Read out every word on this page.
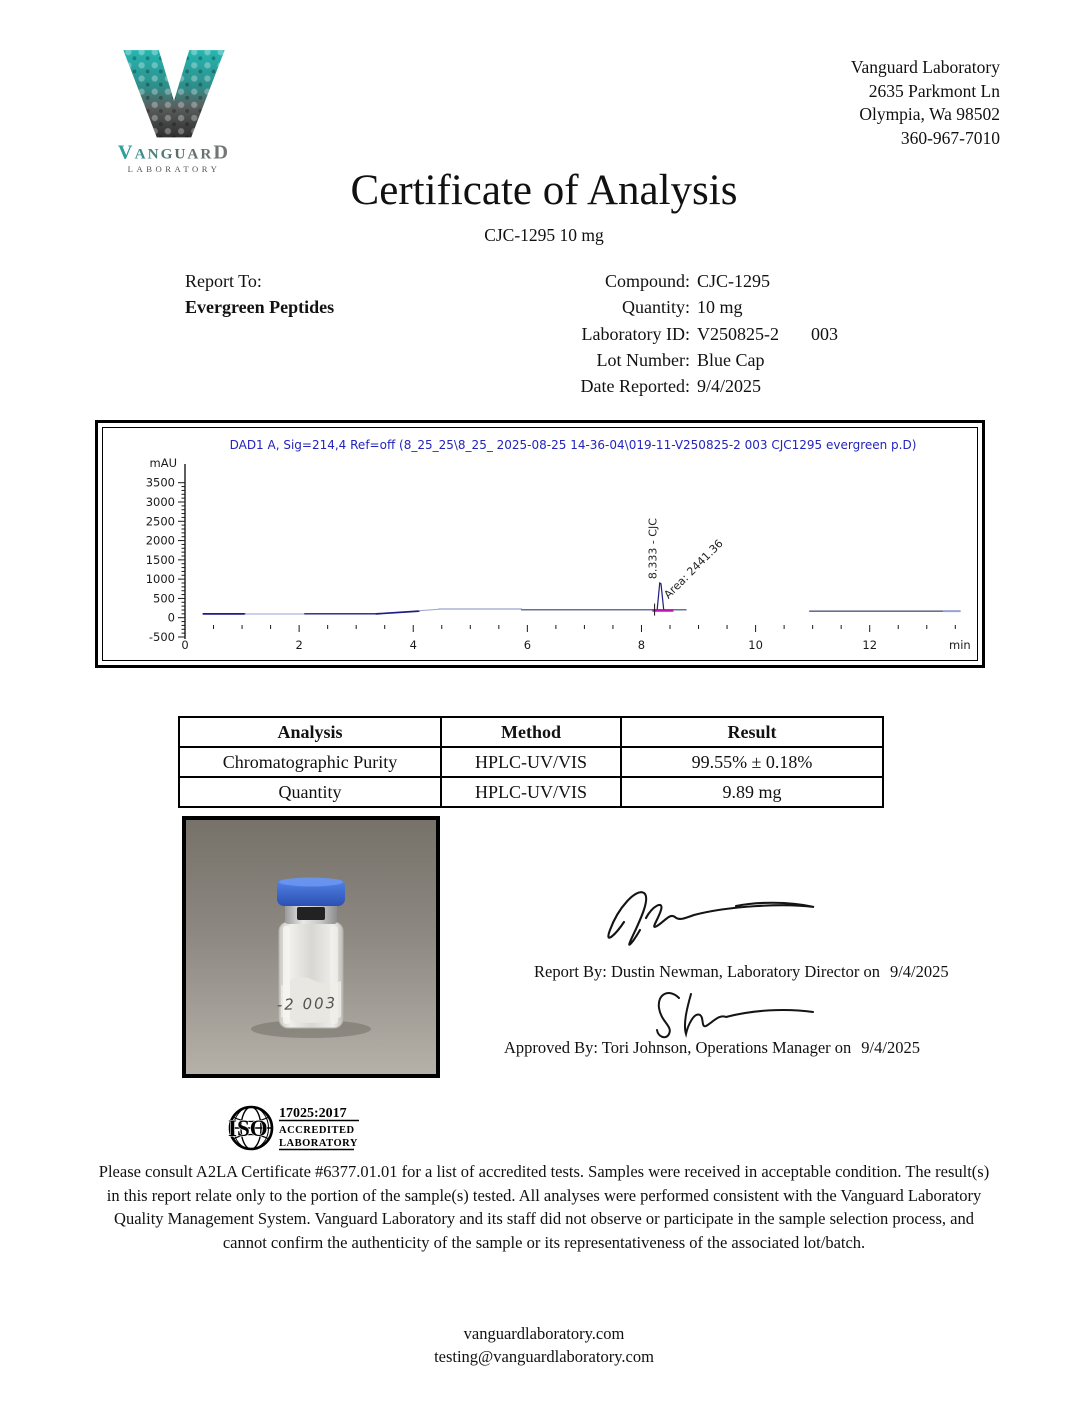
VANGUARD
LABORATORY
Vanguard Laboratory
2635 Parkmont Ln
Olympia, Wa 98502
360-967-7010
Certificate of Analysis
CJC-1295 10 mg
Report To:
Evergreen Peptides
Compound: CJC-1295
Quantity: 10 mg
Laboratory ID: V250825-2 003
Lot Number: Blue Cap
Date Reported: 9/4/2025
DAD1 A, Sig=214,4 Ref=off (8_25_25\8_25_ 2025-08-25 14-36-04\019-11-V250825-2 003 CJC1295 evergreen p.D)
mAU
min
-500
0
500
1000
1500
2000
2500
3000
3500
0	2	4	6	8	10	12
8.333 - CJC Area: 2441.36
Analysis	Method	Result
Chromatographic Purity	HPLC-UV/VIS	99.55% ± 0.18%
Quantity	HPLC-UV/VIS	9.89 mg
-2 003
Report By: Dustin Newman, Laboratory Director on 9/4/2025
Approved By: Tori Johnson, Operations Manager on 9/4/2025
ISO
17025:2017
ACCREDITED
LABORATORY
Please consult A2LA Certificate #6377.01.01 for a list of accredited tests. Samples were received in acceptable condition. The result(s) in this report relate only to the portion of the sample(s) tested. All analyses were performed consistent with the Vanguard Laboratory Quality Management System. Vanguard Laboratory and its staff did not observe or participate in the sample selection process, and cannot confirm the authenticity of the sample or its representativeness of the associated lot/batch.
vanguardlaboratory.com
testing@vanguardlaboratory.com
